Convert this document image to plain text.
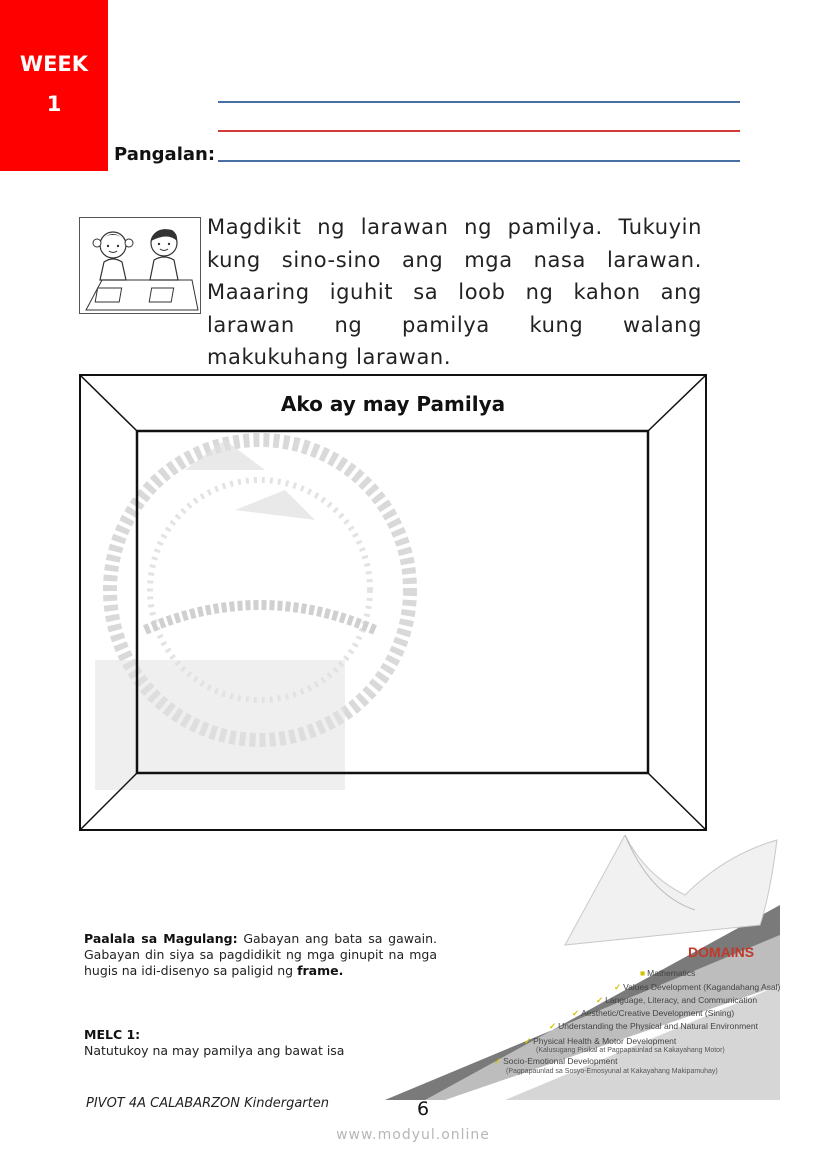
WEEK
1
Pangalan:
Magdikit ng larawan ng pamilya. Tukuyin kung sino-sino ang mga nasa larawan. Maaaring iguhit sa loob ng kahon ang larawan ng pamilya kung walang makukuhang larawan.
Ako ay may Pamilya
Paalala sa Magulang: Gabayan ang bata sa gawain. Gabayan din siya sa pagdidikit ng mga ginupit na mga hugis na idi-disenyo sa paligid ng frame.
MELC 1:
Natutukoy na may pamilya ang bawat isa
DOMAINS
■ Mathematics
✓ Values Development (Kagandahang Asal)
✓ Language, Literacy, and Communication
✓ Aesthetic/Creative Development (Sining)
✓ Understanding the Physical and Natural Environment
✓ Physical Health & Motor Development
(Kalusugang Pisikal at Pagpapaunlad sa Kakayahang Motor)
✓ Socio-Emotional Development
(Pagpapaunlad sa Sosyo-Emosyunal at Kakayahang Makipamuhay)
PIVOT 4A CALABARZON Kindergarten	6
www.modyul.online
